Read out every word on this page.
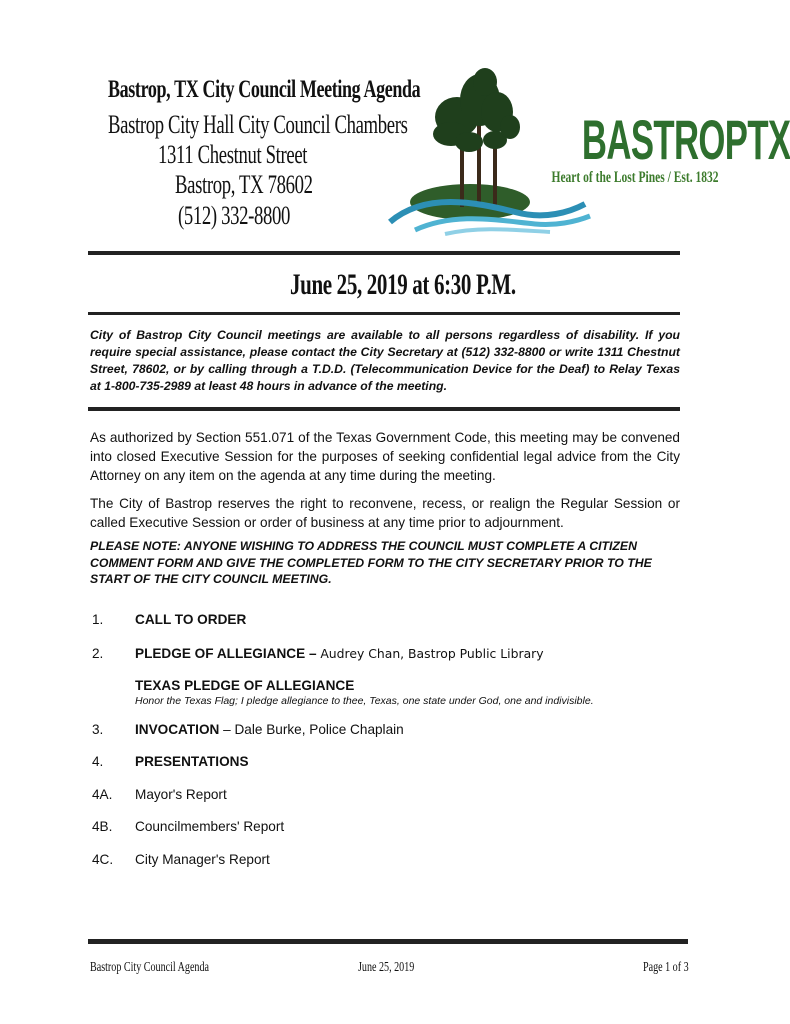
Bastrop, TX City Council Meeting Agenda
Bastrop City Hall City Council Chambers
1311 Chestnut Street
Bastrop, TX 78602
(512) 332-8800
BASTROPTX
Heart of the Lost Pines / Est. 1832
June 25, 2019 at 6:30 P.M.
City of Bastrop City Council meetings are available to all persons regardless of disability. If you require special assistance, please contact the City Secretary at (512) 332-8800 or write 1311 Chestnut Street, 78602, or by calling through a T.D.D. (Telecommunication Device for the Deaf) to Relay Texas at 1-800-735-2989 at least 48 hours in advance of the meeting.
As authorized by Section 551.071 of the Texas Government Code, this meeting may be convened into closed Executive Session for the purposes of seeking confidential legal advice from the City Attorney on any item on the agenda at any time during the meeting.
The City of Bastrop reserves the right to reconvene, recess, or realign the Regular Session or called Executive Session or order of business at any time prior to adjournment.
PLEASE NOTE: ANYONE WISHING TO ADDRESS THE COUNCIL MUST COMPLETE A CITIZEN COMMENT FORM AND GIVE THE COMPLETED FORM TO THE CITY SECRETARY PRIOR TO THE START OF THE CITY COUNCIL MEETING.
1. CALL TO ORDER
2. PLEDGE OF ALLEGIANCE – Audrey Chan, Bastrop Public Library
TEXAS PLEDGE OF ALLEGIANCE
Honor the Texas Flag; I pledge allegiance to thee, Texas, one state under God, one and indivisible.
3. INVOCATION – Dale Burke, Police Chaplain
4. PRESENTATIONS
4A. Mayor's Report
4B. Councilmembers' Report
4C. City Manager's Report
Bastrop City Council Agenda	June 25, 2019	Page 1 of 3
